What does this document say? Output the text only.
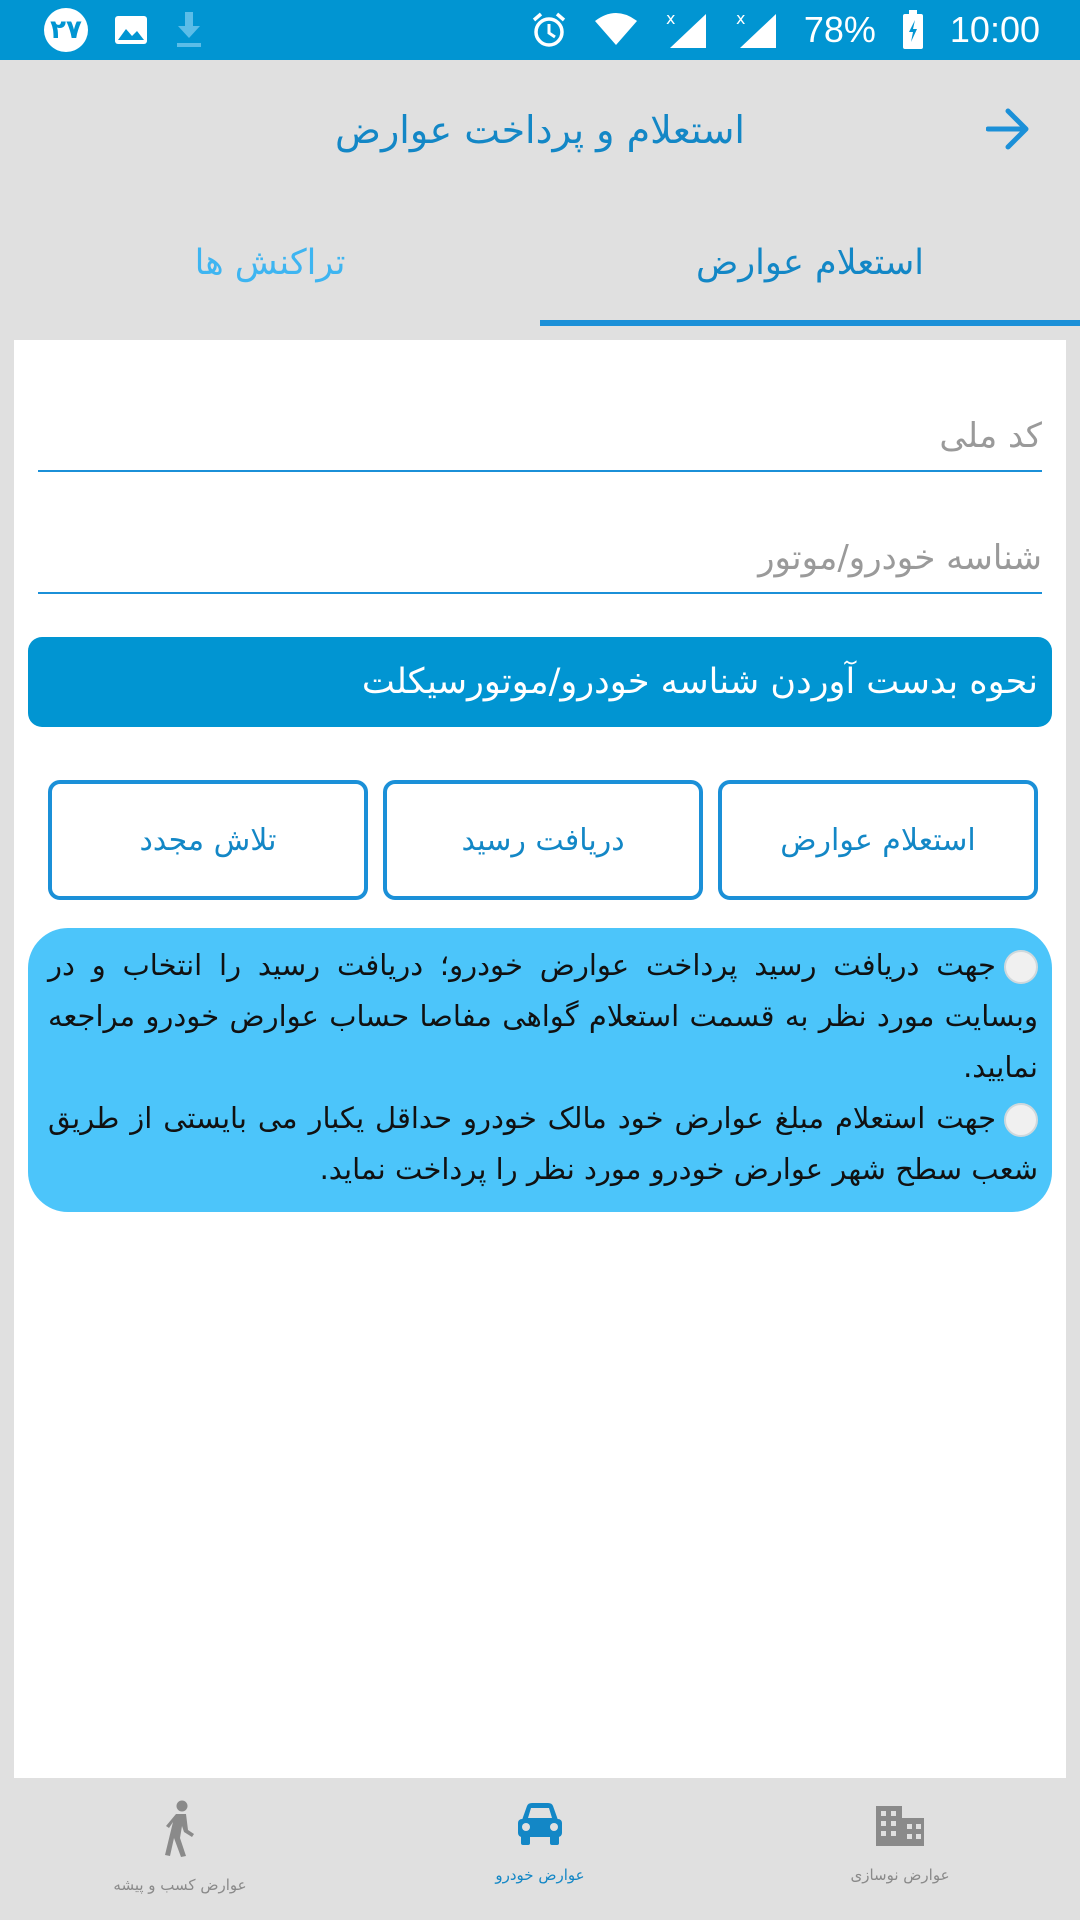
۲۷	x	x 78% 10:00
استعلام و پرداخت عوارض
استعلام عوارض
تراکنش ها
کد ملی
شناسه خودرو/موتور
نحوه بدست آوردن شناسه خودرو/موتورسیکلت
استعلام عوارض
دریافت رسید
تلاش مجدد
جهت دریافت رسید پرداخت عوارض خودرو؛ دریافت رسید را انتخاب و در وبسایت مورد نظر به قسمت استعلام گواهی مفاصا حساب عوارض خودرو مراجعه نمایید.
جهت استعلام مبلغ عوارض خود مالک خودرو حداقل یکبار می بایستی از طریق شعب سطح شهر عوارض خودرو مورد نظر را پرداخت نماید.
عوارض نوسازی
عوارض خودرو
عوارض کسب و پیشه
